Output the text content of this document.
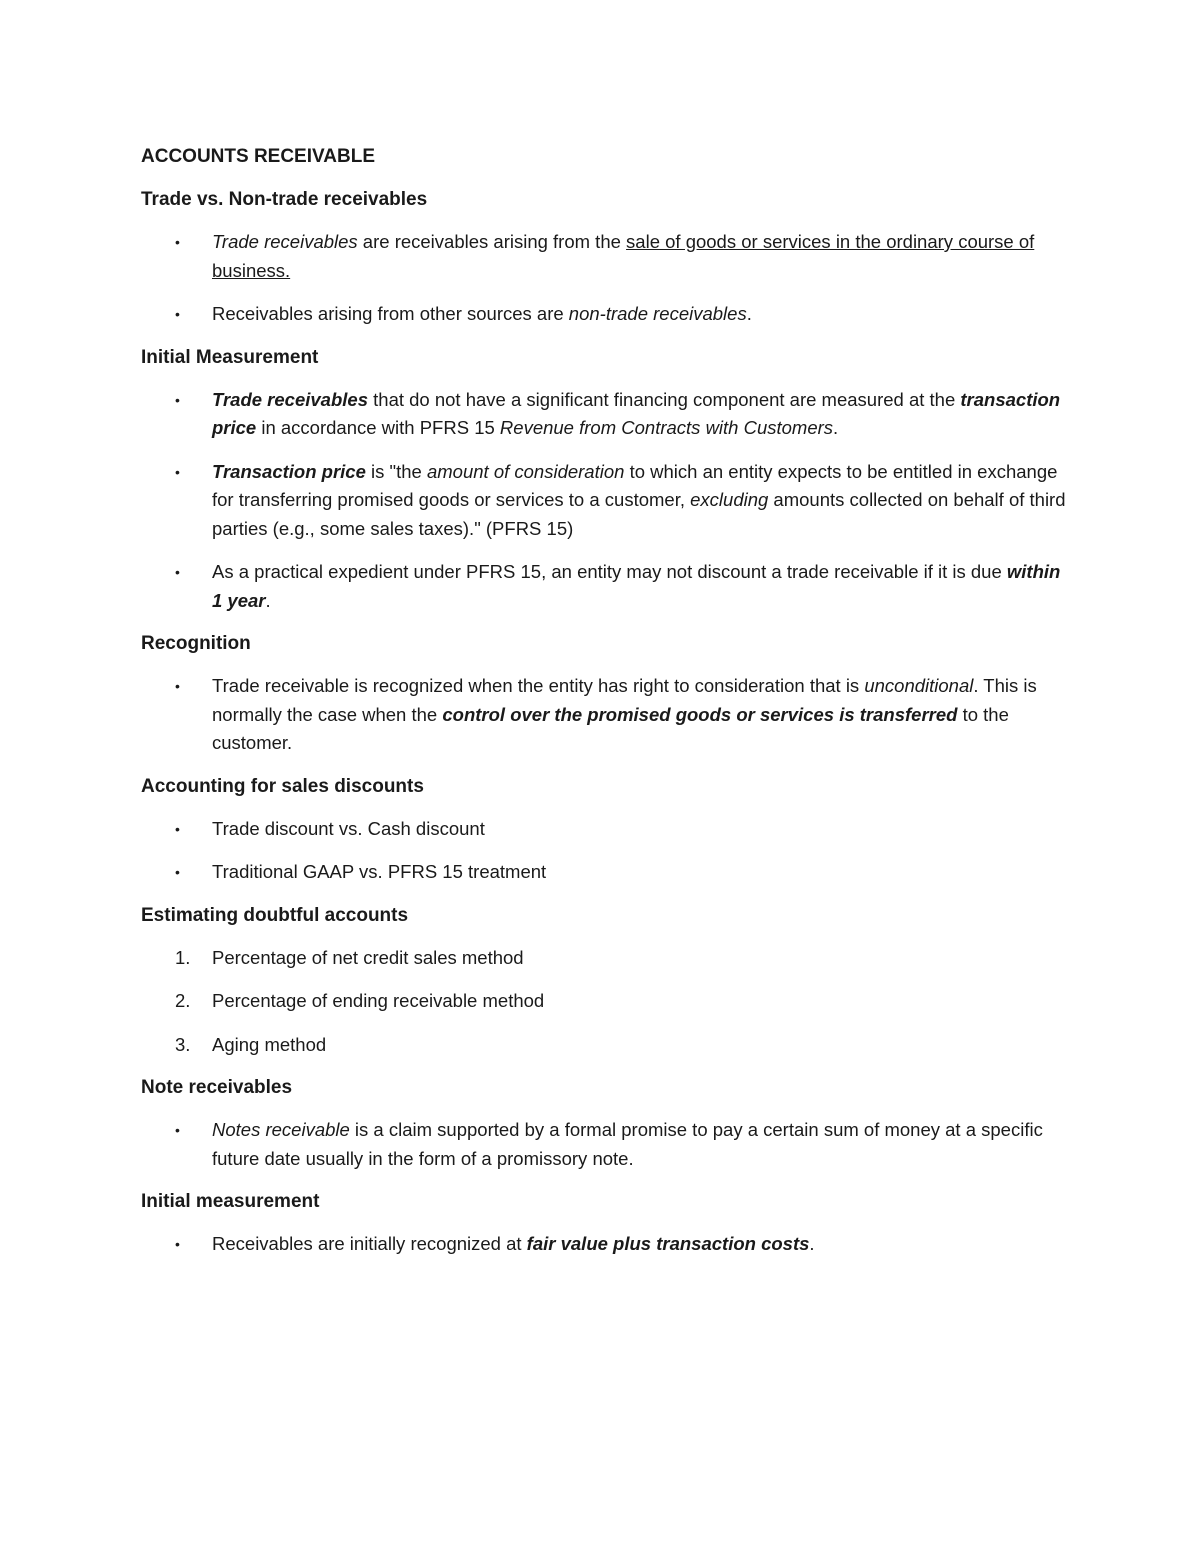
ACCOUNTS RECEIVABLE
Trade vs. Non-trade receivables
• Trade receivables are receivables arising from the sale of goods or services in the ordinary course of business.
• Receivables arising from other sources are non-trade receivables.
Initial Measurement
• Trade receivables that do not have a significant financing component are measured at the transaction price in accordance with PFRS 15 Revenue from Contracts with Customers.
• Transaction price is "the amount of consideration to which an entity expects to be entitled in exchange for transferring promised goods or services to a customer, excluding amounts collected on behalf of third parties (e.g., some sales taxes)." (PFRS 15)
• As a practical expedient under PFRS 15, an entity may not discount a trade receivable if it is due within 1 year.
Recognition
• Trade receivable is recognized when the entity has right to consideration that is unconditional. This is normally the case when the control over the promised goods or services is transferred to the customer.
Accounting for sales discounts
• Trade discount vs. Cash discount
• Traditional GAAP vs. PFRS 15 treatment
Estimating doubtful accounts
1. Percentage of net credit sales method
2. Percentage of ending receivable method
3. Aging method
Note receivables
• Notes receivable is a claim supported by a formal promise to pay a certain sum of money at a specific future date usually in the form of a promissory note.
Initial measurement
• Receivables are initially recognized at fair value plus transaction costs.
